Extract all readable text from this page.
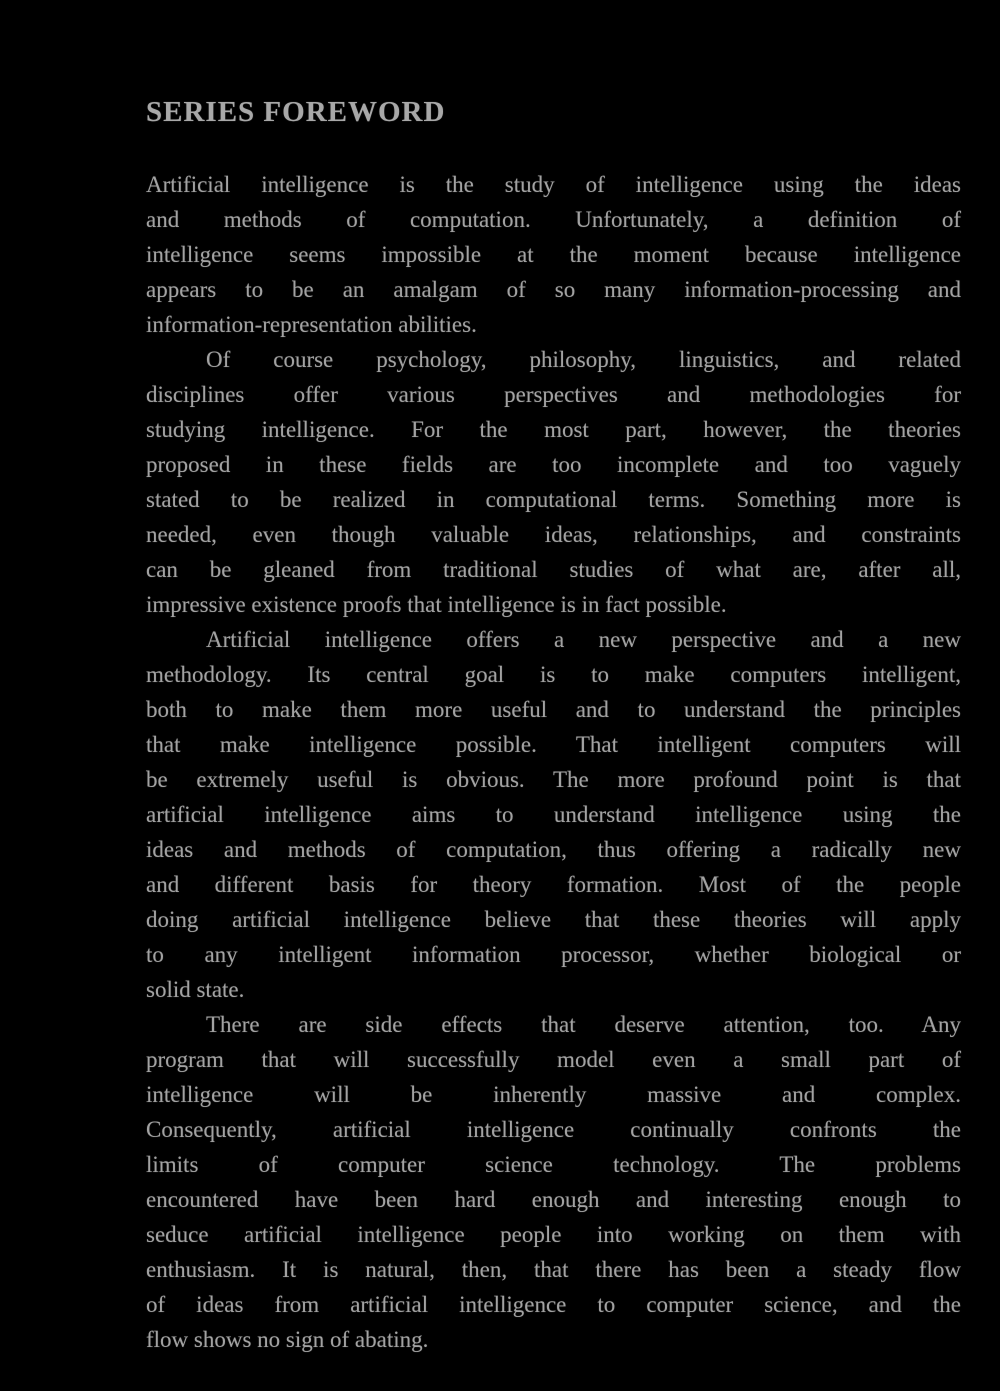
SERIES FOREWORD
Artificial intelligence is the study of intelligence using the ideas
and methods of computation. Unfortunately, a definition of
intelligence seems impossible at the moment because intelligence
appears to be an amalgam of so many information-processing and
information-representation abilities.
Of course psychology, philosophy, linguistics, and related
disciplines offer various perspectives and methodologies for
studying intelligence. For the most part, however, the theories
proposed in these fields are too incomplete and too vaguely
stated to be realized in computational terms. Something more is
needed, even though valuable ideas, relationships, and constraints
can be gleaned from traditional studies of what are, after all,
impressive existence proofs that intelligence is in fact possible.
Artificial intelligence offers a new perspective and a new
methodology. Its central goal is to make computers intelligent,
both to make them more useful and to understand the principles
that make intelligence possible. That intelligent computers will
be extremely useful is obvious. The more profound point is that
artificial intelligence aims to understand intelligence using the
ideas and methods of computation, thus offering a radically new
and different basis for theory formation. Most of the people
doing artificial intelligence believe that these theories will apply
to any intelligent information processor, whether biological or
solid state.
There are side effects that deserve attention, too. Any
program that will successfully model even a small part of
intelligence will be inherently massive and complex.
Consequently, artificial intelligence continually confronts the
limits of computer science technology. The problems
encountered have been hard enough and interesting enough to
seduce artificial intelligence people into working on them with
enthusiasm. It is natural, then, that there has been a steady flow
of ideas from artificial intelligence to computer science, and the
flow shows no sign of abating.
